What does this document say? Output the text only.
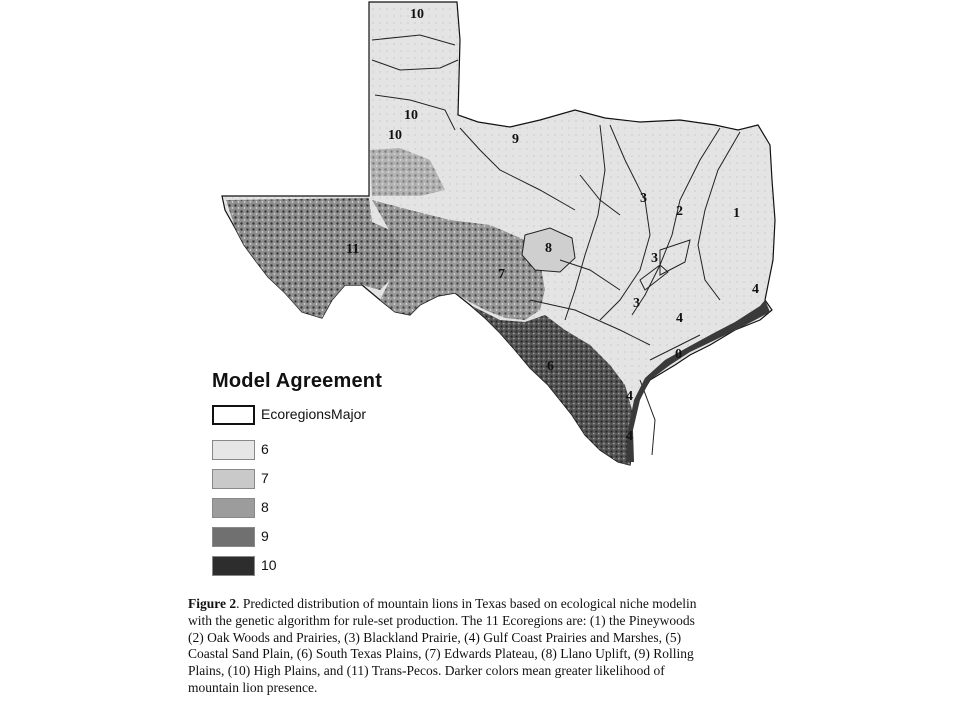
10
10
10	9
8
7
11
6
3
2	1
3
3
4
4
4
4
0
Model Agreement
EcoregionsMajor
6
7
8
9
10
Figure 2. Predicted distribution of mountain lions in Texas based on ecological niche modelin
with the genetic algorithm for rule-set production. The 11 Ecoregions are: (1) the Pineywoods
(2) Oak Woods and Prairies, (3) Blackland Prairie, (4) Gulf Coast Prairies and Marshes, (5)
Coastal Sand Plain, (6) South Texas Plains, (7) Edwards Plateau, (8) Llano Uplift, (9) Rolling
Plains, (10) High Plains, and (11) Trans-Pecos. Darker colors mean greater likelihood of
mountain lion presence.
